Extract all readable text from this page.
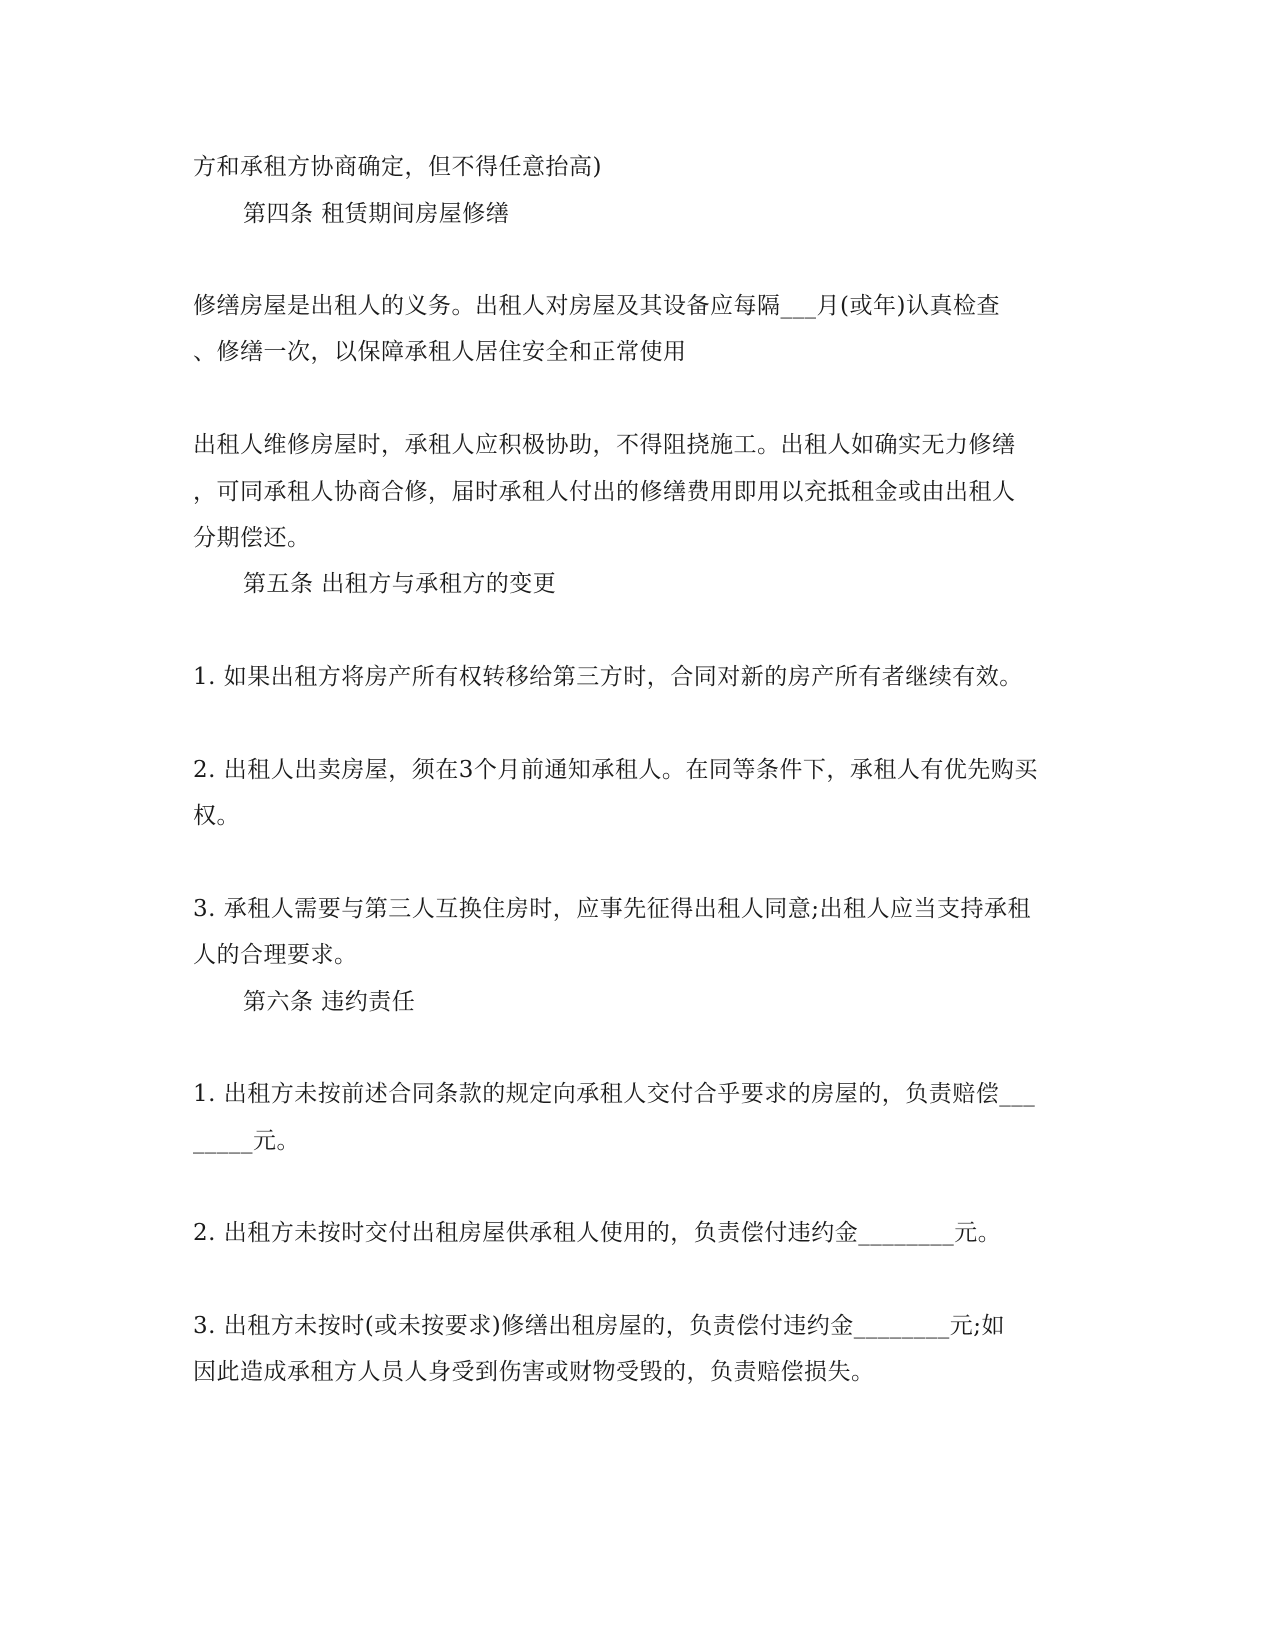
方和承租方协商确定，但不得任意抬高)
第四条 租赁期间房屋修缮
修缮房屋是出租人的义务。出租人对房屋及其设备应每隔___月(或年)认真检查
、修缮一次，以保障承租人居住安全和正常使用
出租人维修房屋时，承租人应积极协助，不得阻挠施工。出租人如确实无力修缮
，可同承租人协商合修，届时承租人付出的修缮费用即用以充抵租金或由出租人
分期偿还。
第五条 出租方与承租方的变更
1. 如果出租方将房产所有权转移给第三方时，合同对新的房产所有者继续有效。
2. 出租人出卖房屋，须在3个月前通知承租人。在同等条件下，承租人有优先购买
权。
3. 承租人需要与第三人互换住房时，应事先征得出租人同意;出租人应当支持承租
人的合理要求。
第六条 违约责任
1. 出租方未按前述合同条款的规定向承租人交付合乎要求的房屋的，负责赔偿___
_____元。
2. 出租方未按时交付出租房屋供承租人使用的，负责偿付违约金________元。
3. 出租方未按时(或未按要求)修缮出租房屋的，负责偿付违约金________元;如
因此造成承租方人员人身受到伤害或财物受毁的，负责赔偿损失。
